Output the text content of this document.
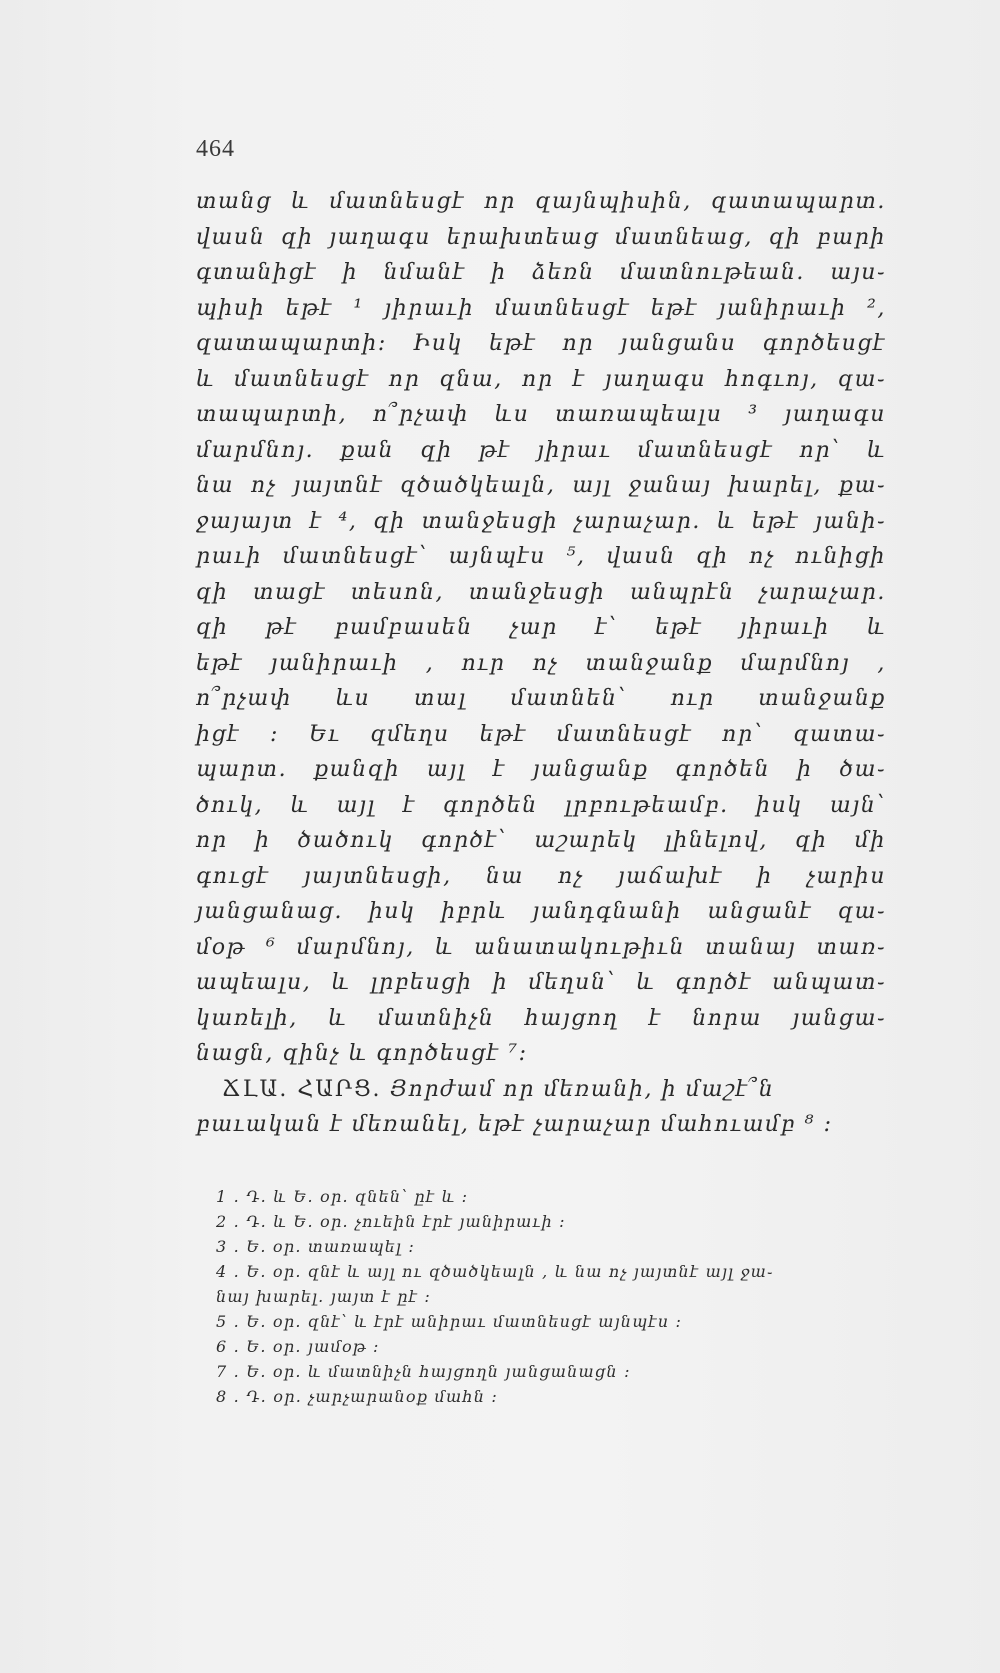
464
տանց և մատնեսցէ որ զայնպիսին, զատապարտ.
վասն զի յաղագս երախտեաց մատնեաց, զի բարի
գտանիցէ ի նմանէ ի ձեռն մատնութեան. այս֊
պիսի եթէ ¹ յիրաւի մատնեսցէ եթէ յանիրաւի ²,
զատապարտի։ Իսկ եթէ որ յանցանս գործեսցէ
և մատնեսցէ որ զնա, որ է յաղագս հոգւոյ, զա֊
տապարտի, ո՞րչափ ևս տառապեալս ³ յաղագս
մարմնոյ. քան զի թէ յիրաւ մատնեսցէ որ՝ և
նա ոչ յայտնէ զծածկեալն, այլ ջանայ խարել, քա֊
ջայայտ է ⁴, զի տանջեսցի չարաչար. և եթէ յանի֊
րաւի մատնեսցէ՝ այնպէս ⁵, վասն զի ոչ ունիցի
զի տացէ տեսոն, տանջեսցի անպրէն չարաչար.
զի թէ բամբասեն չար է՝ եթէ յիրաւի և
եթէ յանիրաւի , ուր ոչ տանջանք մարմնոյ ,
ո՞րչափ ևս տալ մատնեն՝ ուր տանջանք
իցէ ։ Եւ զմեղս եթէ մատնեսցէ որ՝ զատա֊
պարտ. քանզի այլ է յանցանք գործեն ի ծա֊
ծուկ, և այլ է գործեն լրբութեամբ. իսկ այն՝
որ ի ծածուկ գործէ՝ աշարեկ լինելով, զի մի
գուցէ յայտնեսցի, նա ոչ յաճախէ ի չարիս
յանցանաց. իսկ իբրև յանդգնանի անցանէ զա֊
մօթ ⁶ մարմնոյ, և անատակութիւն տանայ տառ֊
ապեալս, և լրբեսցի ի մեղսն՝ և գործէ անպատ֊
կառելի, և մատնիչն հայցող է նորա յանցա֊
նացն, զինչ և գործեսցէ ⁷։
ՃԼԱ. ՀԱՐՑ. Յորժամ որ մեռանի, ի մաշէ՞ն
բաւական է մեռանել, եթէ չարաչար մահուամբ ⁸ ։
1 . Դ. և Ե. օր. զնեն՝ ըէ և ։
2 . Դ. և Ե. օր. չուեին էրէ յանիրաւի ։
3 . Ե. օր. տառապել ։
4 . Ե. օր. զնէ և այլ ու զծածկեալն , և նա ոչ յայտնէ այլ ջա֊
նայ խարել. յայտ է ըէ ։
5 . Ե. օր. զնէ՝ և էրէ անիրաւ մատնեսցէ այնպէս ։
6 . Ե. օր. յամօթ ։
7 . Ե. օր. և մատնիչն հայցողն յանցանացն ։
8 . Դ. օր. չարչարանօք մահն ։
